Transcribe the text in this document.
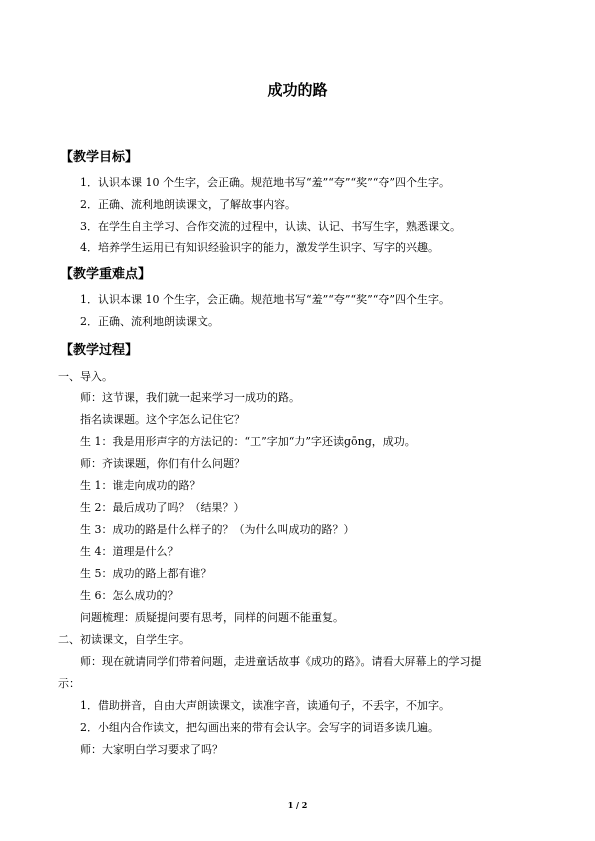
成功的路
【教学目标】
1．认识本课 10 个生字，会正确。规范地书写“羞”“夸”“奖”“夺”四个生字。
2．正确、流利地朗读课文，了解故事内容。
3．在学生自主学习、合作交流的过程中，认读、认记、书写生字，熟悉课文。
4．培养学生运用已有知识经验识字的能力，激发学生识字、写字的兴趣。
【教学重难点】
1．认识本课 10 个生字，会正确。规范地书写“羞”“夸”“奖”“夺”四个生字。
2．正确、流利地朗读课文。
【教学过程】
一、导入。
师：这节课，我们就一起来学习一成功的路。
指名读课题。这个字怎么记住它？
生 1：我是用形声字的方法记的：“工”字加“力”字还读gōng，成功。
师：齐读课题，你们有什么问题？
生 1：谁走向成功的路？
生 2：最后成功了吗？（结果？）
生 3：成功的路是什么样子的？（为什么叫成功的路？）
生 4：道理是什么？
生 5：成功的路上都有谁？
生 6：怎么成功的？
问题梳理：质疑提问要有思考，同样的问题不能重复。
二、初读课文，自学生字。
师：现在就请同学们带着问题，走进童话故事《成功的路》。请看大屏幕上的学习提
示：
1．借助拼音，自由大声朗读课文，读准字音，读通句子，不丢字，不加字。
2．小组内合作读文，把勾画出来的带有会认字。会写字的词语多读几遍。
师：大家明白学习要求了吗？
1 / 2
